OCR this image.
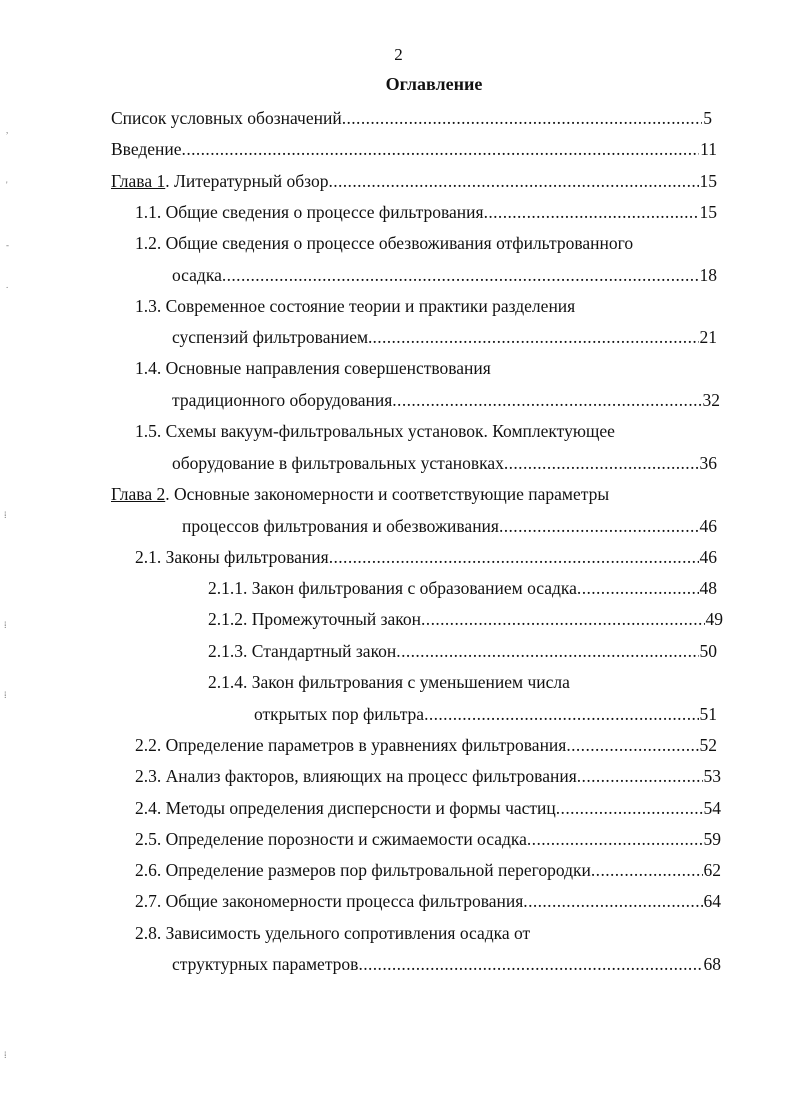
2
Оглавление
Список условных обозначений .....	5
Введение .....	11
Глава 1. Литературный обзор .....	15
1.1. Общие сведения о процессе фильтрования .....	15
1.2. Общие сведения о процессе обезвоживания отфильтрованного
осадка .....	18
1.3. Современное состояние теории и практики разделения
суспензий фильтрованием. .....	21
1.4. Основные направления совершенствования
традиционного оборудования .....	32
1.5. Схемы вакуум-фильтровальных установок. Комплектующее
оборудование в фильтровальных установках .....	36
Глава 2. Основные закономерности и соответствующие параметры
процессов фильтрования и обезвоживания .....	46
2.1. Законы фильтрования .....	46
2.1.1. Закон фильтрования с образованием осадка .....	48
2.1.2. Промежуточный закон .....	49
2.1.3. Стандартный закон .....	50
2.1.4. Закон фильтрования с уменьшением числа
открытых пор фильтра .....	51
2.2. Определение параметров в уравнениях фильтрования .....	52
2.3. Анализ факторов, влияющих на процесс фильтрования .....	53
2.4. Методы определения дисперсности и формы частиц .....	54
2.5. Определение порозности и сжимаемости осадка .....	59
2.6. Определение размеров пор фильтровальной перегородки .....	62
2.7. Общие закономерности процесса фильтрования .....	64
2.8. Зависимость удельного сопротивления осадка от
структурных параметров .....	68
,
'
-
.
⁞
⁞
⁞
⁞
